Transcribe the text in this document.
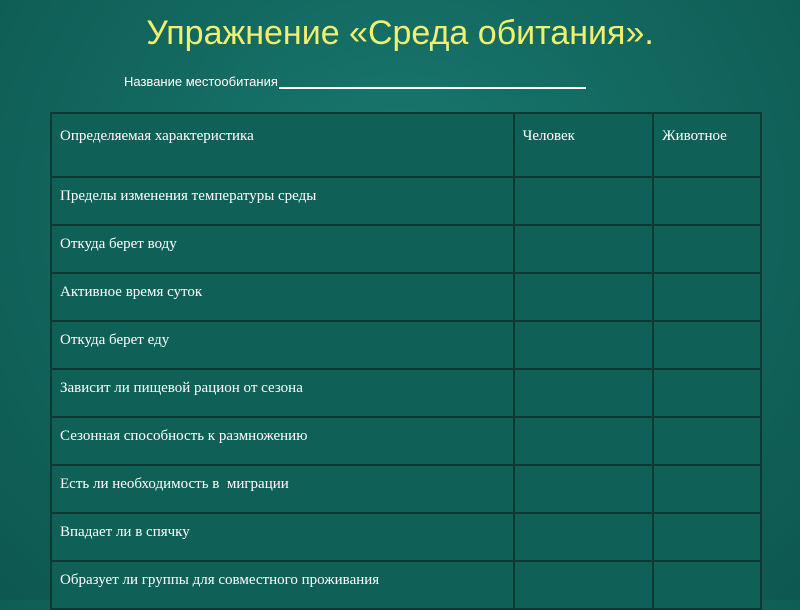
Упражнение «Среда обитания».
Название местообитания
Определяемая характеристика	Человек	Животное
Пределы изменения температуры среды		
Откуда берет воду		
Активное время суток		
Откуда берет еду		
Зависит ли пищевой рацион от сезона		
Сезонная способность к размножению		
Есть ли необходимость в  миграции		
Впадает ли в спячку		
Образует ли группы для совместного проживания		
